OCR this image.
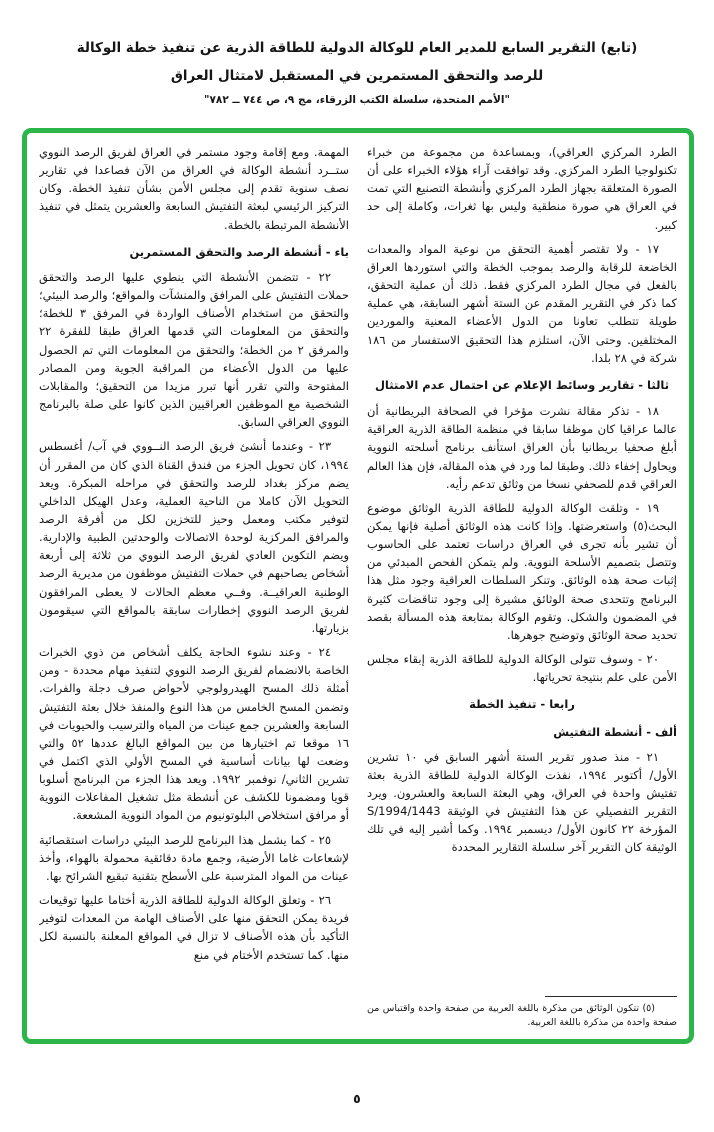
(تابع) التقرير السابع للمدير العام للوكالة الدولية للطاقة الذرية عن تنفيذ خطة الوكالة
للرصد والتحقق المستمرين في المستقبل لامتثال العراق
"الأمم المتحدة، سلسلة الكتب الزرقاء، مج ٩، ص ٧٤٤ ــ ٧٨٢"

الطرد المركزي العراقي)، وبمساعدة من مجموعة من خبراء تكنولوجيا الطرد المركزي. وقد توافقت آراء هؤلاء الخبراء على أن الصورة المتعلقة بجهاز الطرد المركزي وأنشطة التصنيع التي تمت في العراق هي صورة منطقية وليس بها ثغرات، وكاملة إلى حد كبير.

١٧ - ولا تقتصر أهمية التحقق من نوعية المواد والمعدات الخاضعة للرقابة والرصد بموجب الخطة والتي استوردها العراق بالفعل في مجال الطرد المركزي فقط. ذلك أن عملية التحقق، كما ذكر في التقرير المقدم عن الستة أشهر السابقة، هي عملية طويلة تتطلب تعاونا من الدول الأعضاء المعنية والموردين المختلفين. وحتى الآن، استلزم هذا التحقيق الاستفسار من ١٨٦ شركة في ٢٨ بلدا.

ثالثا - تقارير وسائط الإعلام عن احتمال عدم الامتثال

١٨ - تذكر مقالة نشرت مؤخرا في الصحافة البريطانية أن عالما عراقيا كان موظفا سابقا في منظمة الطاقة الذرية العراقية أبلغ صحفيا بريطانيا بأن العراق استأنف برنامج أسلحته النووية ويحاول إخفاء ذلك. وطبقا لما ورد في هذه المقالة، فإن هذا العالم العراقي قدم للصحفي نسخا من وثائق تدعم رأيه.

١٩ - وتلقت الوكالة الدولية للطاقة الذرية الوثائق موضوع البحث(٥) واستعرضتها. وإذا كانت هذه الوثائق أصلية فإنها يمكن أن تشير بأنه تجرى في العراق دراسات تعتمد على الحاسوب وتتصل بتصميم الأسلحة النووية. ولم يتمكن الفحص المبدئي من إثبات صحة هذه الوثائق. وتنكر السلطات العراقية وجود مثل هذا البرنامج وتتحدى صحة الوثائق مشيرة إلى وجود تناقضات كثيرة في المضمون والشكل. وتقوم الوكالة بمتابعة هذه المسألة بقصد تحديد صحة الوثائق وتوضيح جوهرها.

٢٠ - وسوف تتولى الوكالة الدولية للطاقة الذرية إبقاء مجلس الأمن على علم بنتيجة تحرياتها.

رابعا - تنفيذ الخطة
ألف - أنشطة التفتيش

٢١ - منذ صدور تقرير الستة أشهر السابق في ١٠ تشرين الأول/ أكتوبر ١٩٩٤، نفذت الوكالة الدولية للطاقة الذرية بعثة تفتيش واحدة في العراق، وهي البعثة السابعة والعشرون. ويرد التقرير التفصيلي عن هذا التفتيش في الوثيقة S/1994/1443 المؤرخة ٢٢ كانون الأول/ ديسمبر ١٩٩٤. وكما أشير إليه في تلك الوثيقة كان التقرير آخر سلسلة التقارير المحددة

(٥) تتكون الوثائق من مذكرة باللغة العربية من صفحة واحدة واقتباس من صفحة واحدة من مذكرة باللغة العربية.

المهمة. ومع إقامة وجود مستمر في العراق لفريق الرصد النووي ستــرد أنشطة الوكالة في العراق من الآن فصاعدا في تقارير نصف سنوية تقدم إلى مجلس الأمن بشأن تنفيذ الخطة. وكان التركيز الرئيسي لبعثة التفتيش السابعة والعشرين يتمثل في تنفيذ الأنشطة المرتبطة بالخطة.

باء - أنشطة الرصد والتحقق المستمرين

٢٢ - تتضمن الأنشطة التي ينطوي عليها الرصد والتحقق حملات التفتيش على المرافق والمنشآت والمواقع؛ والرصد البيئي؛ والتحقق من استخدام الأصناف الواردة في المرفق ٣ للخطة؛ والتحقق من المعلومات التي قدمها العراق طبقا للفقرة ٢٢ والمرفق ٢ من الخطة؛ والتحقق من المعلومات التي تم الحصول عليها من الدول الأعضاء من المراقبة الجوية ومن المصادر المفتوحة والتي تقرر أنها تبرر مزيدا من التحقيق؛ والمقابلات الشخصية مع الموظفين العراقيين الذين كانوا على صلة بالبرنامج النووي العراقي السابق.

٢٣ - وعندما أنشئ فريق الرصد النــووي في آب/ أغسطس ١٩٩٤، كان تحويل الجزء من فندق القناة الذي كان من المقرر أن يضم مركز بغداد للرصد والتحقق في مراحله المبكرة. ويعد التحويل الآن كاملا من الناحية العملية، وعدل الهيكل الداخلي لتوفير مكتب ومعمل وحيز للتخزين لكل من أفرقة الرصد والمرافق المركزية لوحدة الاتصالات والوحدتين الطبية والإدارية. ويضم التكوين العادي لفريق الرصد النووي من ثلاثة إلى أربعة أشخاص يصاحبهم في حملات التفتيش موظفون من مديرية الرصد الوطنية العراقيــة. وفــي معظم الحالات لا يعطى المرافقون لفريق الرصد النووي إخطارات سابقة بالمواقع التي سيقومون بزيارتها.

٢٤ - وعند نشوء الحاجة يكلف أشخاص من ذوي الخبرات الخاصة بالانضمام لفريق الرصد النووي لتنفيذ مهام محددة - ومن أمثلة ذلك المسح الهيدرولوجي لأحواض صرف دجلة والفرات. وتضمن المسح الخامس من هذا النوع والمنفذ خلال بعثة التفتيش السابعة والعشرين جمع عينات من المياه والترسيب والحيويات في ١٦ موقعا تم اختيارها من بين المواقع البالغ عددها ٥٢ والتي وضعت لها بيانات أساسية في المسح الأولي الذي اكتمل في تشرين الثاني/ نوفمبر ١٩٩٢. ويعد هذا الجزء من البرنامج أسلوبا قويا ومضمونا للكشف عن أنشطة مثل تشغيل المفاعلات النووية أو مرافق استخلاص البلوتونيوم من المواد النووية المشععة.

٢٥ - كما يشمل هذا البرنامج للرصد البيئي دراسات استقصائية لإشعاعات غاما الأرضية، وجمع مادة دقائقية محمولة بالهواء، وأخذ عينات من المواد المترسبة على الأسطح بتقنية تبقيع الشرائح بها.

٢٦ - وتعلق الوكالة الدولية للطاقة الذرية أختاما عليها توقيعات فريدة يمكن التحقق منها على الأصناف الهامة من المعدات لتوفير التأكيد بأن هذه الأصناف لا تزال في المواقع المعلنة بالنسبة لكل منها. كما تستخدم الأختام في منع

٥
